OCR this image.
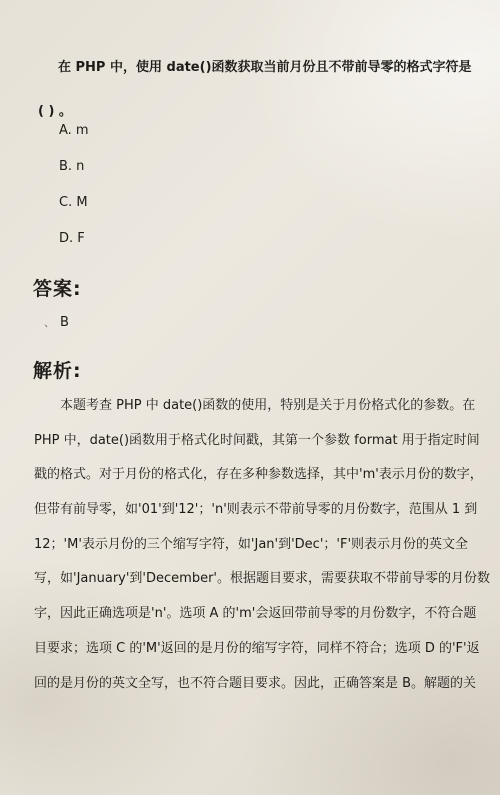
在 PHP 中，使用 date()函数获取当前月份且不带前导零的格式字符是
( ) 。
A. m
B. n
C. M
D. F
答案:
、 B
解析:
本题考查 PHP 中 date()函数的使用，特别是关于月份格式化的参数。在
PHP 中，date()函数用于格式化时间戳，其第一个参数 format 用于指定时间
戳的格式。对于月份的格式化，存在多种参数选择，其中'm'表示月份的数字，
但带有前导零，如'01'到'12'；'n'则表示不带前导零的月份数字，范围从 1 到
12；'M'表示月份的三个缩写字符，如'Jan'到'Dec'；'F'则表示月份的英文全
写，如'January'到'December'。根据题目要求，需要获取不带前导零的月份数
字，因此正确选项是'n'。选项 A 的'm'会返回带前导零的月份数字，不符合题
目要求；选项 C 的'M'返回的是月份的缩写字符，同样不符合；选项 D 的'F'返
回的是月份的英文全写，也不符合题目要求。因此，正确答案是 B。解题的关
